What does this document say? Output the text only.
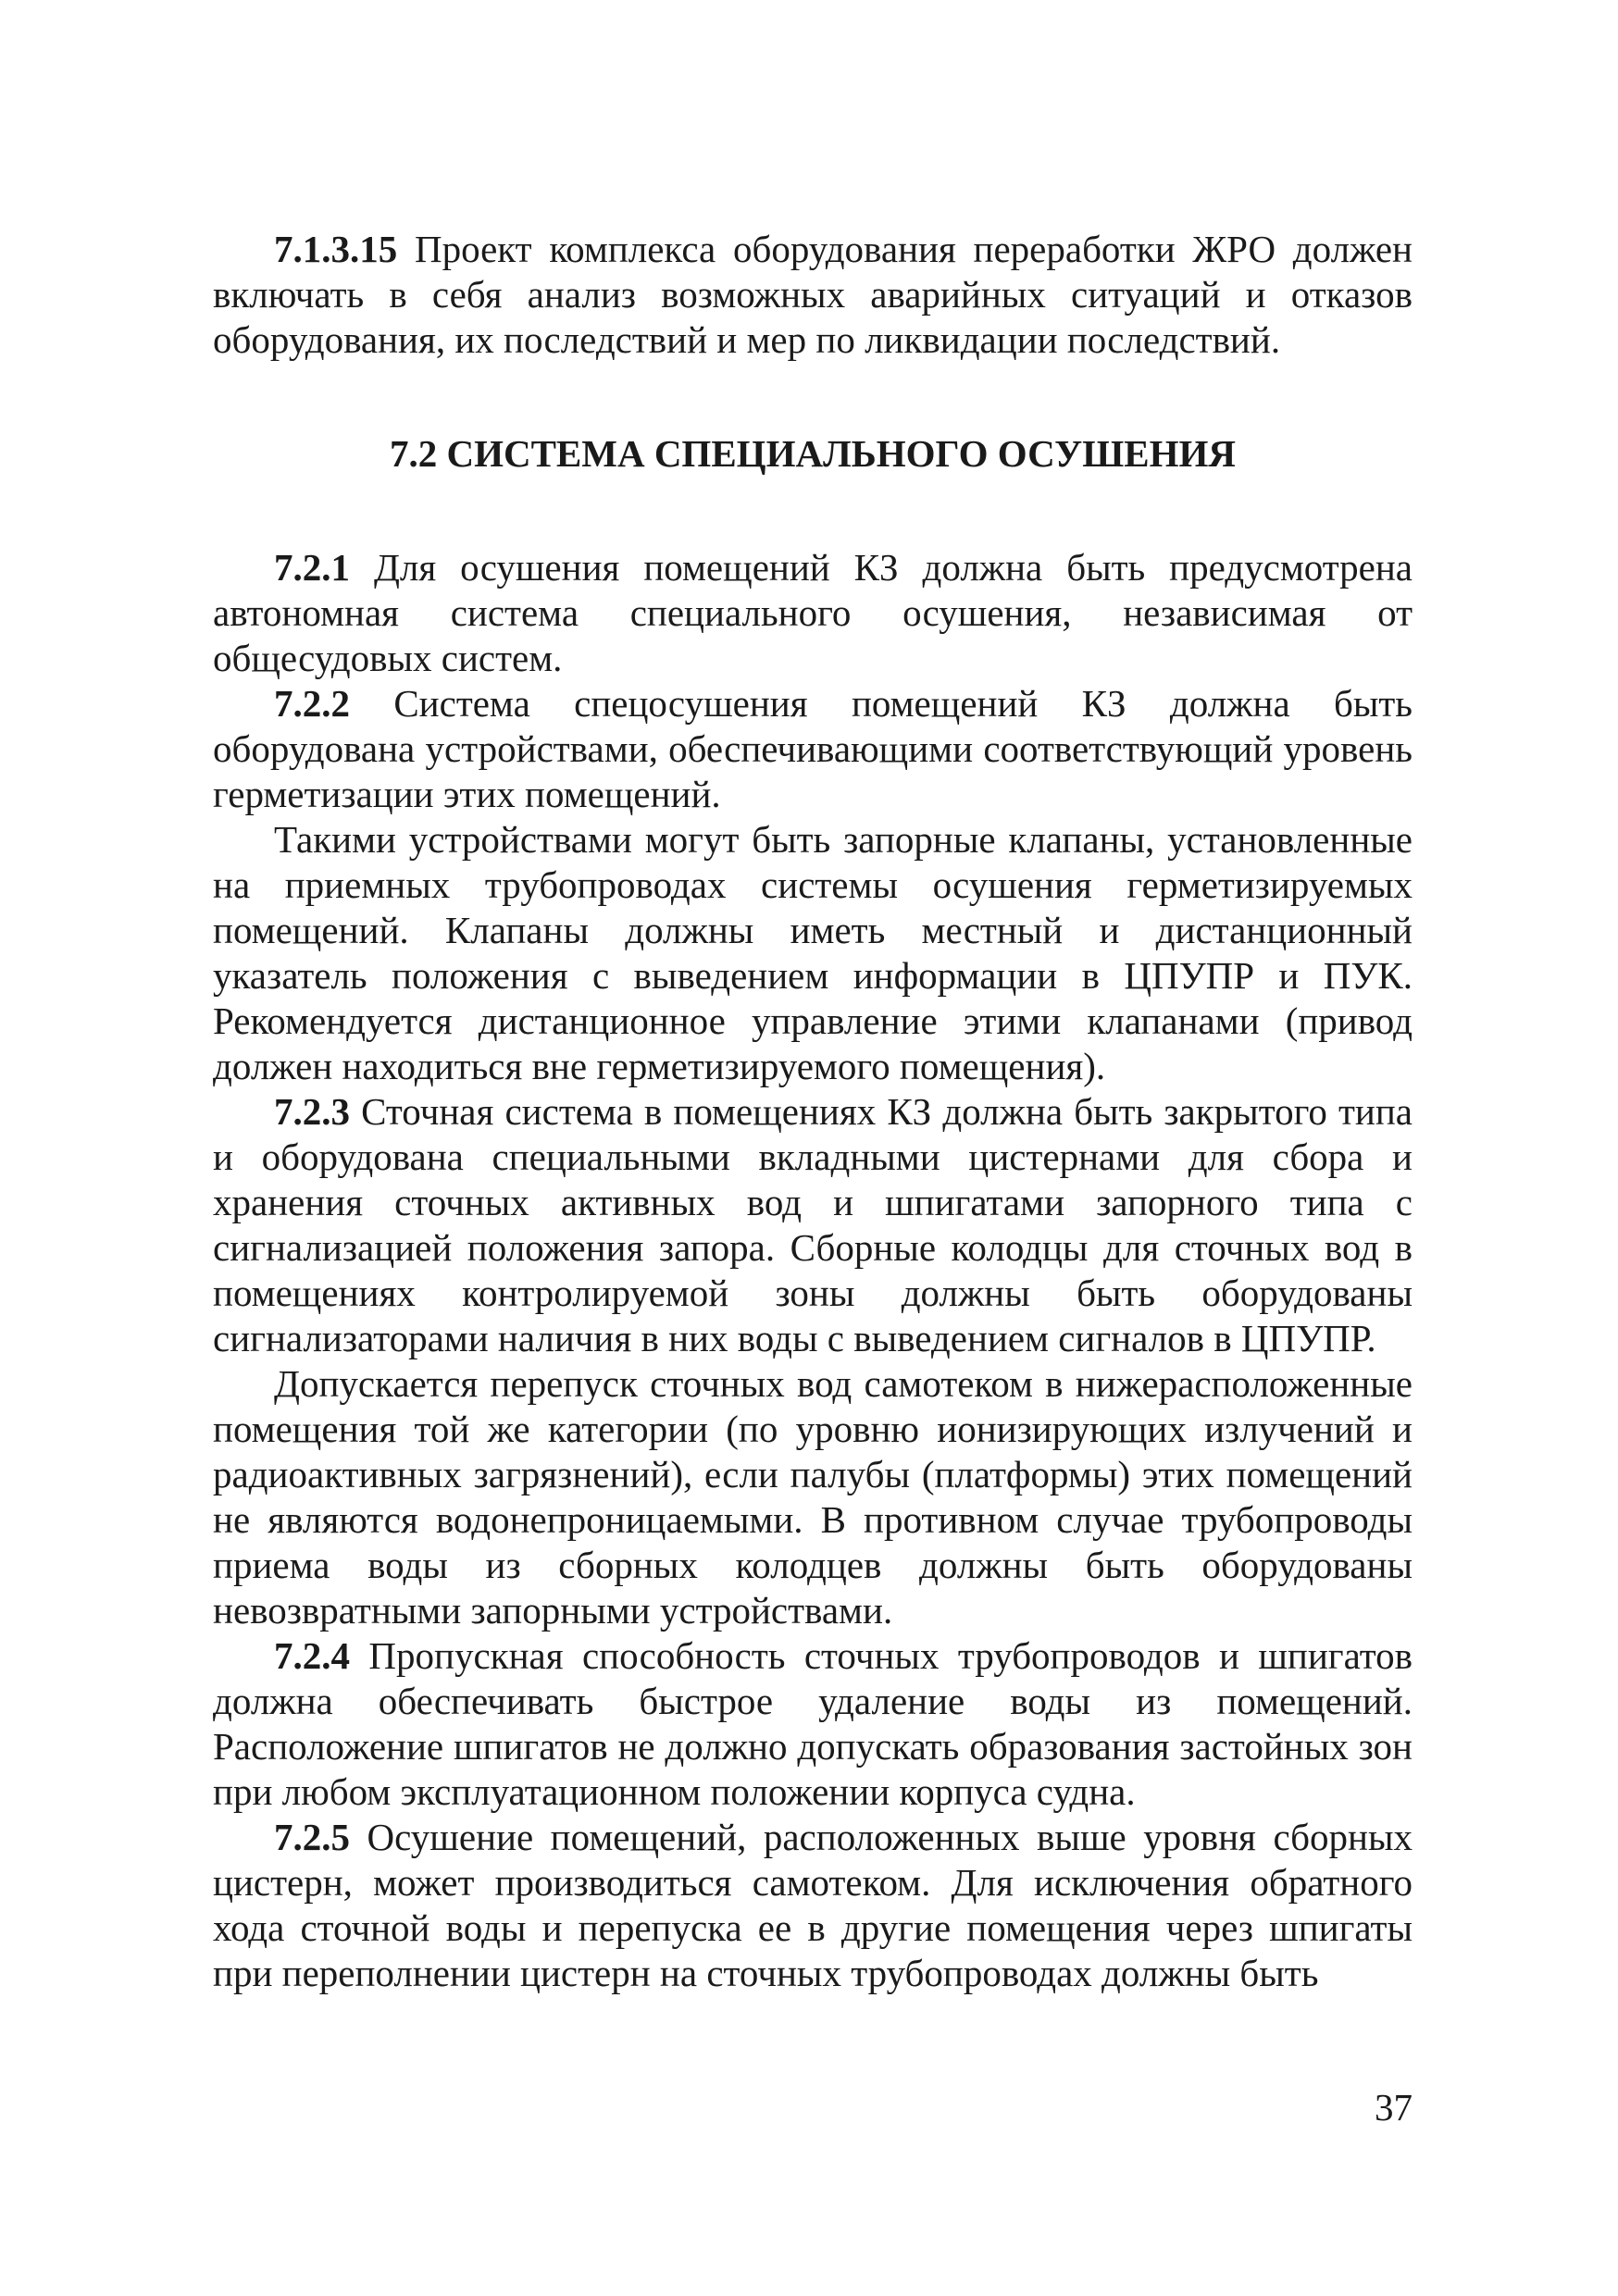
7.1.3.15 Проект комплекса оборудования переработки ЖРО должен включать в себя анализ возможных аварийных ситуаций и отказов оборудования, их последствий и мер по ликвидации последствий.

7.2 СИСТЕМА СПЕЦИАЛЬНОГО ОСУШЕНИЯ

7.2.1 Для осушения помещений КЗ должна быть предусмотрена автономная система специального осушения, независимая от общесудовых систем.

7.2.2 Система спецосушения помещений КЗ должна быть оборудована устройствами, обеспечивающими соответствующий уровень герметизации этих помещений.

Такими устройствами могут быть запорные клапаны, установленные на приемных трубопроводах системы осушения герметизируемых помещений. Клапаны должны иметь местный и дистанционный указатель положения с выведением информации в ЦПУПР и ПУК. Рекомендуется дистанционное управление этими клапанами (привод должен находиться вне герметизируемого помещения).

7.2.3 Сточная система в помещениях КЗ должна быть закрытого типа и оборудована специальными вкладными цистернами для сбора и хранения сточных активных вод и шпигатами запорного типа с сигнализацией положения запора. Сборные колодцы для сточных вод в помещениях контролируемой зоны должны быть оборудованы сигнализаторами наличия в них воды с выведением сигналов в ЦПУПР.

Допускается перепуск сточных вод самотеком в нижерасположенные помещения той же категории (по уровню ионизирующих излучений и радиоактивных загрязнений), если палубы (платформы) этих помещений не являются водонепроницаемыми. В противном случае трубопроводы приема воды из сборных колодцев должны быть оборудованы невозвратными запорными устройствами.

7.2.4 Пропускная способность сточных трубопроводов и шпигатов должна обеспечивать быстрое удаление воды из помещений. Расположение шпигатов не должно допускать образования застойных зон при любом эксплуатационном положении корпуса судна.

7.2.5 Осушение помещений, расположенных выше уровня сборных цистерн, может производиться самотеком. Для исключения обратного хода сточной воды и перепуска ее в другие помещения через шпигаты при переполнении цистерн на сточных трубопроводах должны быть

37
